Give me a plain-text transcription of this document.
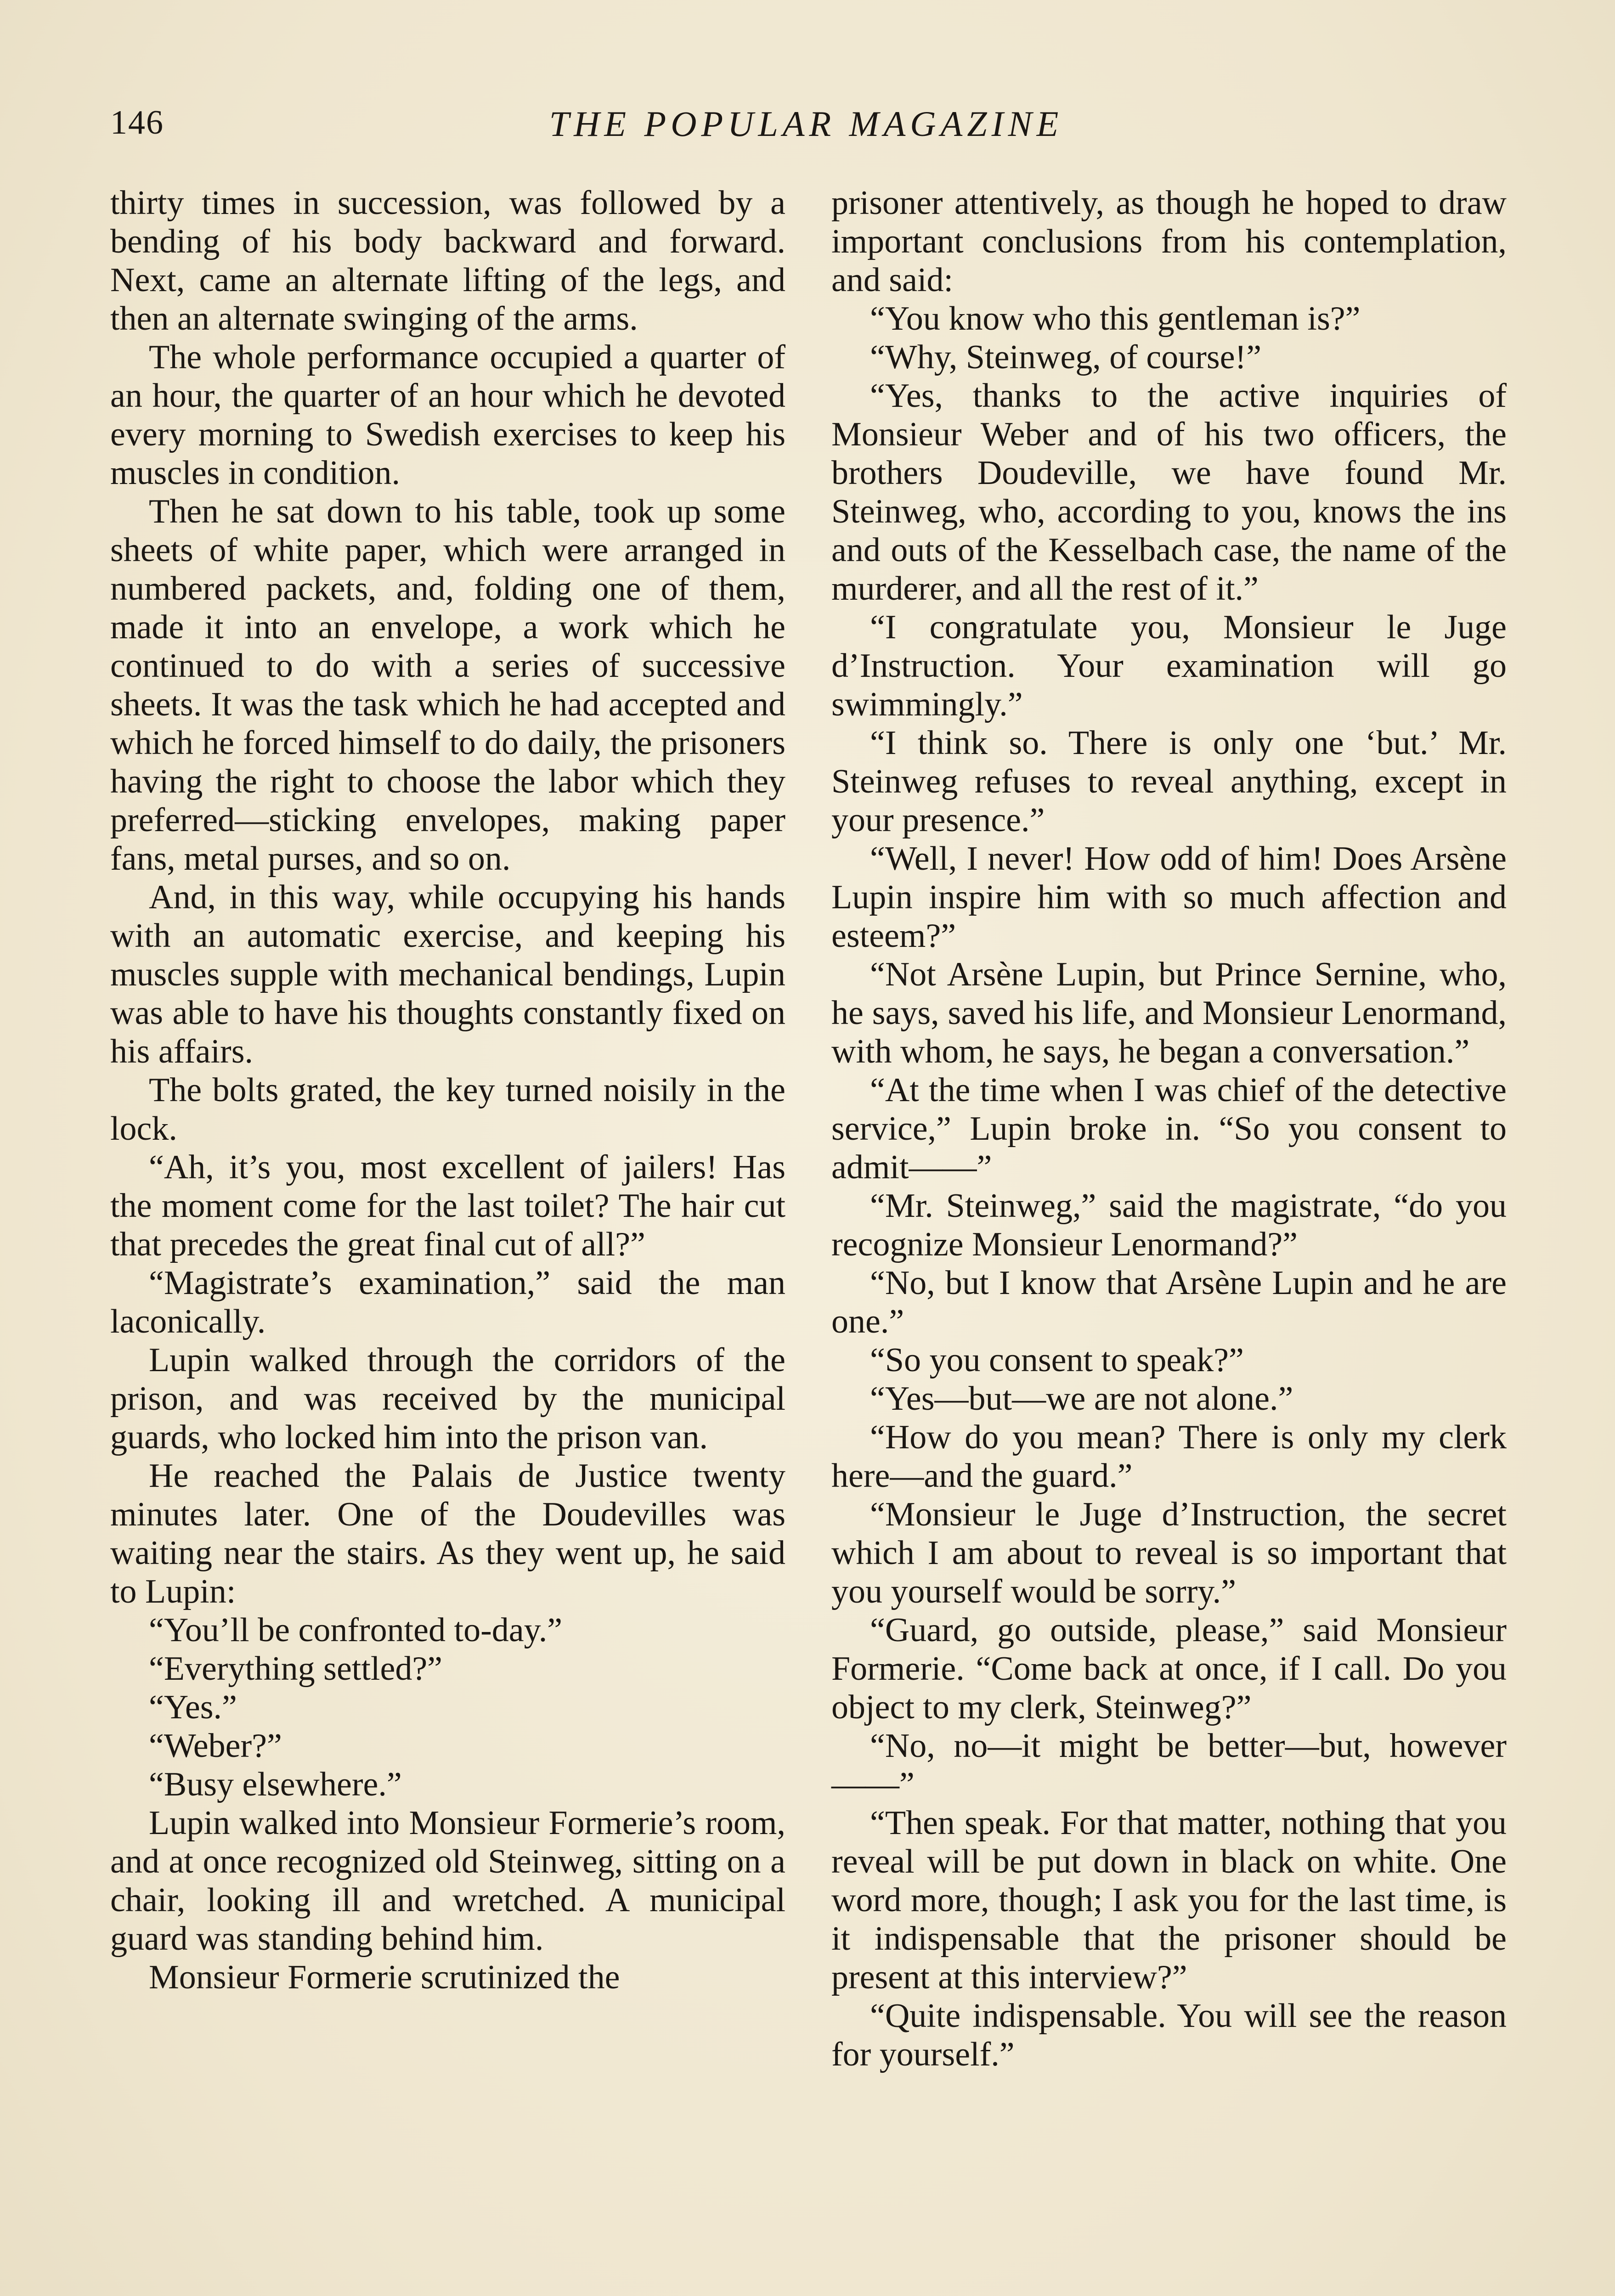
146	THE POPULAR MAGAZINE

thirty times in succession, was followed by a bending of his body backward and forward. Next, came an alternate lifting of the legs, and then an alternate swinging of the arms.

The whole performance occupied a quarter of an hour, the quarter of an hour which he devoted every morning to Swedish exercises to keep his muscles in condition.

Then he sat down to his table, took up some sheets of white paper, which were arranged in numbered packets, and, folding one of them, made it into an envelope, a work which he continued to do with a series of successive sheets. It was the task which he had accepted and which he forced himself to do daily, the prisoners having the right to choose the labor which they preferred—sticking envelopes, making paper fans, metal purses, and so on.

And, in this way, while occupying his hands with an automatic exercise, and keeping his muscles supple with mechanical bendings, Lupin was able to have his thoughts constantly fixed on his affairs.

The bolts grated, the key turned noisily in the lock.

“Ah, it’s you, most excellent of jailers! Has the moment come for the last toilet? The hair cut that precedes the great final cut of all?”

“Magistrate’s examination,” said the man laconically.

Lupin walked through the corridors of the prison, and was received by the municipal guards, who locked him into the prison van.

He reached the Palais de Justice twenty minutes later. One of the Doudevilles was waiting near the stairs. As they went up, he said to Lupin:

“You’ll be confronted to-day.”

“Everything settled?”

“Yes.”

“Weber?”

“Busy elsewhere.”

Lupin walked into Monsieur Formerie’s room, and at once recognized old Steinweg, sitting on a chair, looking ill and wretched. A municipal guard was standing behind him.

Monsieur Formerie scrutinized the

prisoner attentively, as though he hoped to draw important conclusions from his contemplation, and said:

“You know who this gentleman is?”

“Why, Steinweg, of course!”

“Yes, thanks to the active inquiries of Monsieur Weber and of his two officers, the brothers Doudeville, we have found Mr. Steinweg, who, according to you, knows the ins and outs of the Kesselbach case, the name of the murderer, and all the rest of it.”

“I congratulate you, Monsieur le Juge d’Instruction. Your examination will go swimmingly.”

“I think so. There is only one ‘but.’ Mr. Steinweg refuses to reveal anything, except in your presence.”

“Well, I never! How odd of him! Does Arsène Lupin inspire him with so much affection and esteem?”

“Not Arsène Lupin, but Prince Sernine, who, he says, saved his life, and Monsieur Lenormand, with whom, he says, he began a conversation.”

“At the time when I was chief of the detective service,” Lupin broke in. “So you consent to admit——”

“Mr. Steinweg,” said the magistrate, “do you recognize Monsieur Lenormand?”

“No, but I know that Arsène Lupin and he are one.”

“So you consent to speak?”

“Yes—but—we are not alone.”

“How do you mean? There is only my clerk here—and the guard.”

“Monsieur le Juge d’Instruction, the secret which I am about to reveal is so important that you yourself would be sorry.”

“Guard, go outside, please,” said Monsieur Formerie. “Come back at once, if I call. Do you object to my clerk, Steinweg?”

“No, no—it might be better—but, however——”

“Then speak. For that matter, nothing that you reveal will be put down in black on white. One word more, though; I ask you for the last time, is it indispensable that the prisoner should be present at this interview?”

“Quite indispensable. You will see the reason for yourself.”
